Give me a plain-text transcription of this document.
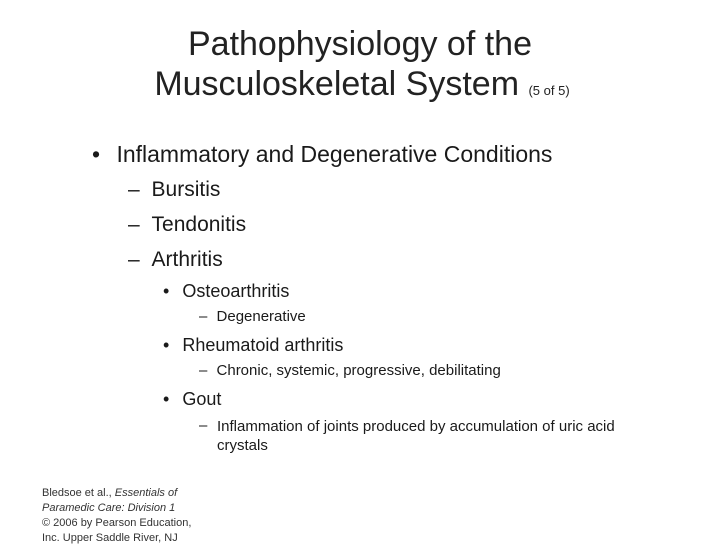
Pathophysiology of the
Musculoskeletal System (5 of 5)
• Inflammatory and Degenerative Conditions
– Bursitis
– Tendonitis
– Arthritis
• Osteoarthritis
– Degenerative
• Rheumatoid arthritis
– Chronic, systemic, progressive, debilitating
• Gout
– Inflammation of joints produced by accumulation of uric acid crystals
Bledsoe et al., Essentials of Paramedic Care: Division 1
© 2006 by Pearson Education, Inc. Upper Saddle River, NJ
